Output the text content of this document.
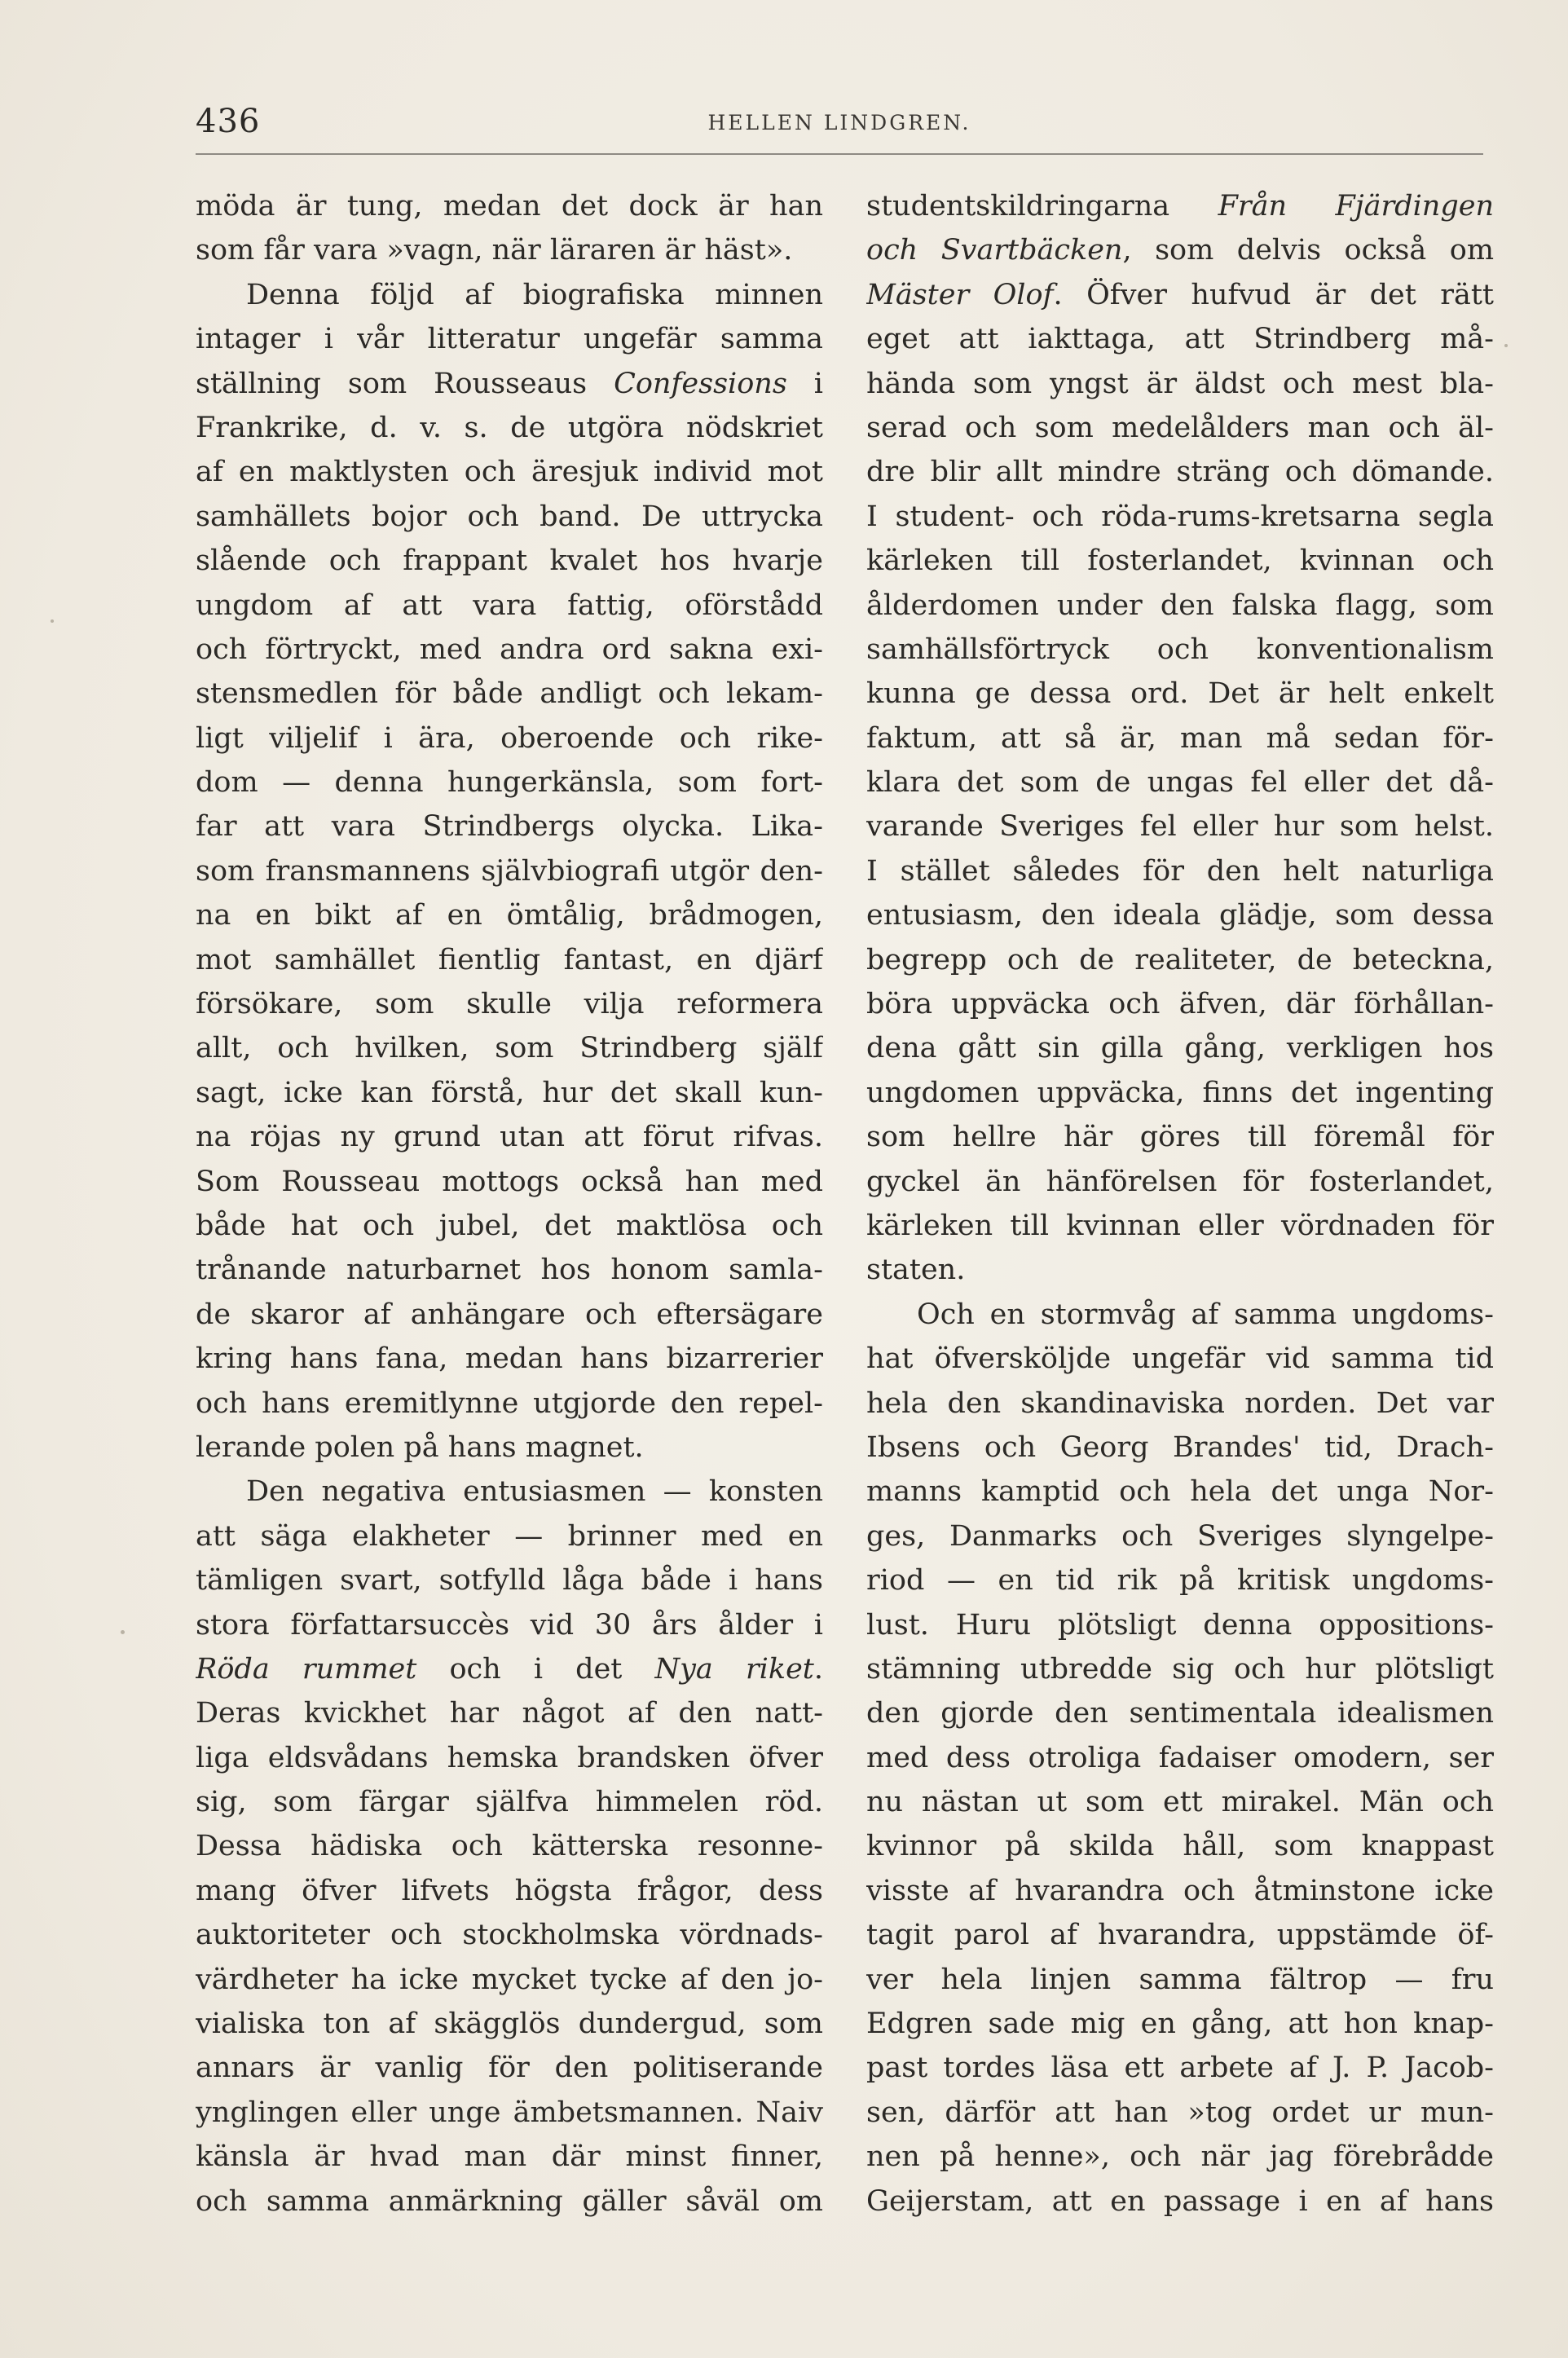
436	HELLEN LINDGREN.
möda är tung, medan det dock är han
som får vara »vagn, när läraren är häst».
Denna följd af biografiska minnen
intager i vår litteratur ungefär samma
ställning som Rousseaus Confessions i
Frankrike, d. v. s. de utgöra nödskriet
af en maktlysten och äresjuk individ mot
samhällets bojor och band. De uttrycka
slående och frappant kvalet hos hvarje
ungdom af att vara fattig, oförstådd
och förtryckt, med andra ord sakna exi-
stensmedlen för både andligt och lekam-
ligt viljelif i ära, oberoende och rike-
dom — denna hungerkänsla, som fort-
far att vara Strindbergs olycka. Lika-
som fransmannens självbiografi utgör den-
na en bikt af en ömtålig, brådmogen,
mot samhället fientlig fantast, en djärf
försökare, som skulle vilja reformera
allt, och hvilken, som Strindberg själf
sagt, icke kan förstå, hur det skall kun-
na röjas ny grund utan att förut rifvas.
Som Rousseau mottogs också han med
både hat och jubel, det maktlösa och
trånande naturbarnet hos honom samla-
de skaror af anhängare och eftersägare
kring hans fana, medan hans bizarrerier
och hans eremitlynne utgjorde den repel-
lerande polen på hans magnet.
Den negativa entusiasmen — konsten
att säga elakheter — brinner med en
tämligen svart, sotfylld låga både i hans
stora författarsuccès vid 30 års ålder i
Röda rummet och i det Nya riket.
Deras kvickhet har något af den natt-
liga eldsvådans hemska brandsken öfver
sig, som färgar själfva himmelen röd.
Dessa hädiska och kätterska resonne-
mang öfver lifvets högsta frågor, dess
auktoriteter och stockholmska vördnads-
värdheter ha icke mycket tycke af den jo-
vialiska ton af skägglös dundergud, som
annars är vanlig för den politiserande
ynglingen eller unge ämbetsmannen. Naiv
känsla är hvad man där minst finner,
och samma anmärkning gäller såväl om
studentskildringarna Från Fjärdingen
och Svartbäcken, som delvis också om
Mäster Olof. Öfver hufvud är det rätt
eget att iakttaga, att Strindberg må-
hända som yngst är äldst och mest bla-
serad och som medelålders man och äl-
dre blir allt mindre sträng och dömande.
I student- och röda-rums-kretsarna segla
kärleken till fosterlandet, kvinnan och
ålderdomen under den falska flagg, som
samhällsförtryck och konventionalism
kunna ge dessa ord. Det är helt enkelt
faktum, att så är, man må sedan för-
klara det som de ungas fel eller det då-
varande Sveriges fel eller hur som helst.
I stället således för den helt naturliga
entusiasm, den ideala glädje, som dessa
begrepp och de realiteter, de beteckna,
böra uppväcka och äfven, där förhållan-
dena gått sin gilla gång, verkligen hos
ungdomen uppväcka, finns det ingenting
som hellre här göres till föremål för
gyckel än hänförelsen för fosterlandet,
kärleken till kvinnan eller vördnaden för
staten.
Och en stormvåg af samma ungdoms-
hat öfversköljde ungefär vid samma tid
hela den skandinaviska norden. Det var
Ibsens och Georg Brandes' tid, Drach-
manns kamptid och hela det unga Nor-
ges, Danmarks och Sveriges slyngelpe-
riod — en tid rik på kritisk ungdoms-
lust. Huru plötsligt denna oppositions-
stämning utbredde sig och hur plötsligt
den gjorde den sentimentala idealismen
med dess otroliga fadaiser omodern, ser
nu nästan ut som ett mirakel. Män och
kvinnor på skilda håll, som knappast
visste af hvarandra och åtminstone icke
tagit parol af hvarandra, uppstämde öf-
ver hela linjen samma fältrop — fru
Edgren sade mig en gång, att hon knap-
past tordes läsa ett arbete af J. P. Jacob-
sen, därför att han »tog ordet ur mun-
nen på henne», och när jag förebrådde
Geijerstam, att en passage i en af hans
